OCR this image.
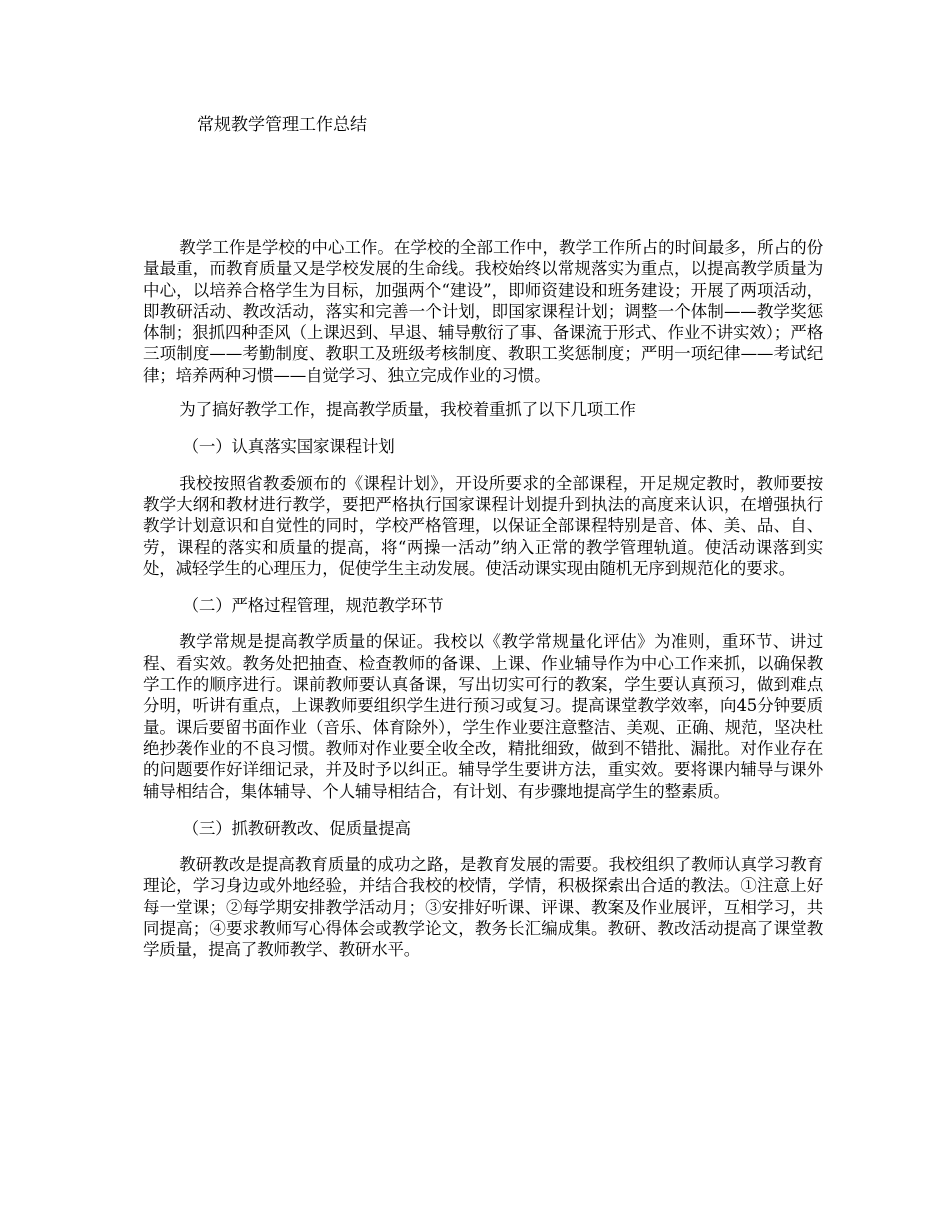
常规教学管理工作总结

教学工作是学校的中心工作。在学校的全部工作中，教学工作所占的时间最多，所占的份量最重，而教育质量又是学校发展的生命线。我校始终以常规落实为重点，以提高教学质量为中心，以培养合格学生为目标，加强两个“建设”，即师资建设和班务建设；开展了两项活动，即教研活动、教改活动，落实和完善一个计划，即国家课程计划；调整一个体制——教学奖惩体制；狠抓四种歪风（上课迟到、早退、辅导敷衍了事、备课流于形式、作业不讲实效）；严格三项制度——考勤制度、教职工及班级考核制度、教职工奖惩制度；严明一项纪律——考试纪律；培养两种习惯——自觉学习、独立完成作业的习惯。

为了搞好教学工作，提高教学质量，我校着重抓了以下几项工作

（一）认真落实国家课程计划

我校按照省教委颁布的《课程计划》，开设所要求的全部课程，开足规定教时，教师要按教学大纲和教材进行教学，要把严格执行国家课程计划提升到执法的高度来认识，在增强执行教学计划意识和自觉性的同时，学校严格管理，以保证全部课程特别是音、体、美、品、自、劳，课程的落实和质量的提高，将“两操一活动”纳入正常的教学管理轨道。使活动课落到实处，减轻学生的心理压力，促使学生主动发展。使活动课实现由随机无序到规范化的要求。

（二）严格过程管理，规范教学环节

教学常规是提高教学质量的保证。我校以《教学常规量化评估》为准则，重环节、讲过程、看实效。教务处把抽查、检查教师的备课、上课、作业辅导作为中心工作来抓，以确保教学工作的顺序进行。课前教师要认真备课，写出切实可行的教案，学生要认真预习，做到难点分明，听讲有重点，上课教师要组织学生进行预习或复习。提高课堂教学效率，向45分钟要质量。课后要留书面作业（音乐、体育除外），学生作业要注意整洁、美观、正确、规范，坚决杜绝抄袭作业的不良习惯。教师对作业要全收全改，精批细致，做到不错批、漏批。对作业存在的问题要作好详细记录，并及时予以纠正。辅导学生要讲方法，重实效。要将课内辅导与课外辅导相结合，集体辅导、个人辅导相结合，有计划、有步骤地提高学生的整素质。

（三）抓教研教改、促质量提高

教研教改是提高教育质量的成功之路，是教育发展的需要。我校组织了教师认真学习教育理论，学习身边或外地经验，并结合我校的校情，学情，积极探索出合适的教法。①注意上好每一堂课；②每学期安排教学活动月；③安排好听课、评课、教案及作业展评，互相学习，共同提高；④要求教师写心得体会或教学论文，教务长汇编成集。教研、教改活动提高了课堂教学质量，提高了教师教学、教研水平。
